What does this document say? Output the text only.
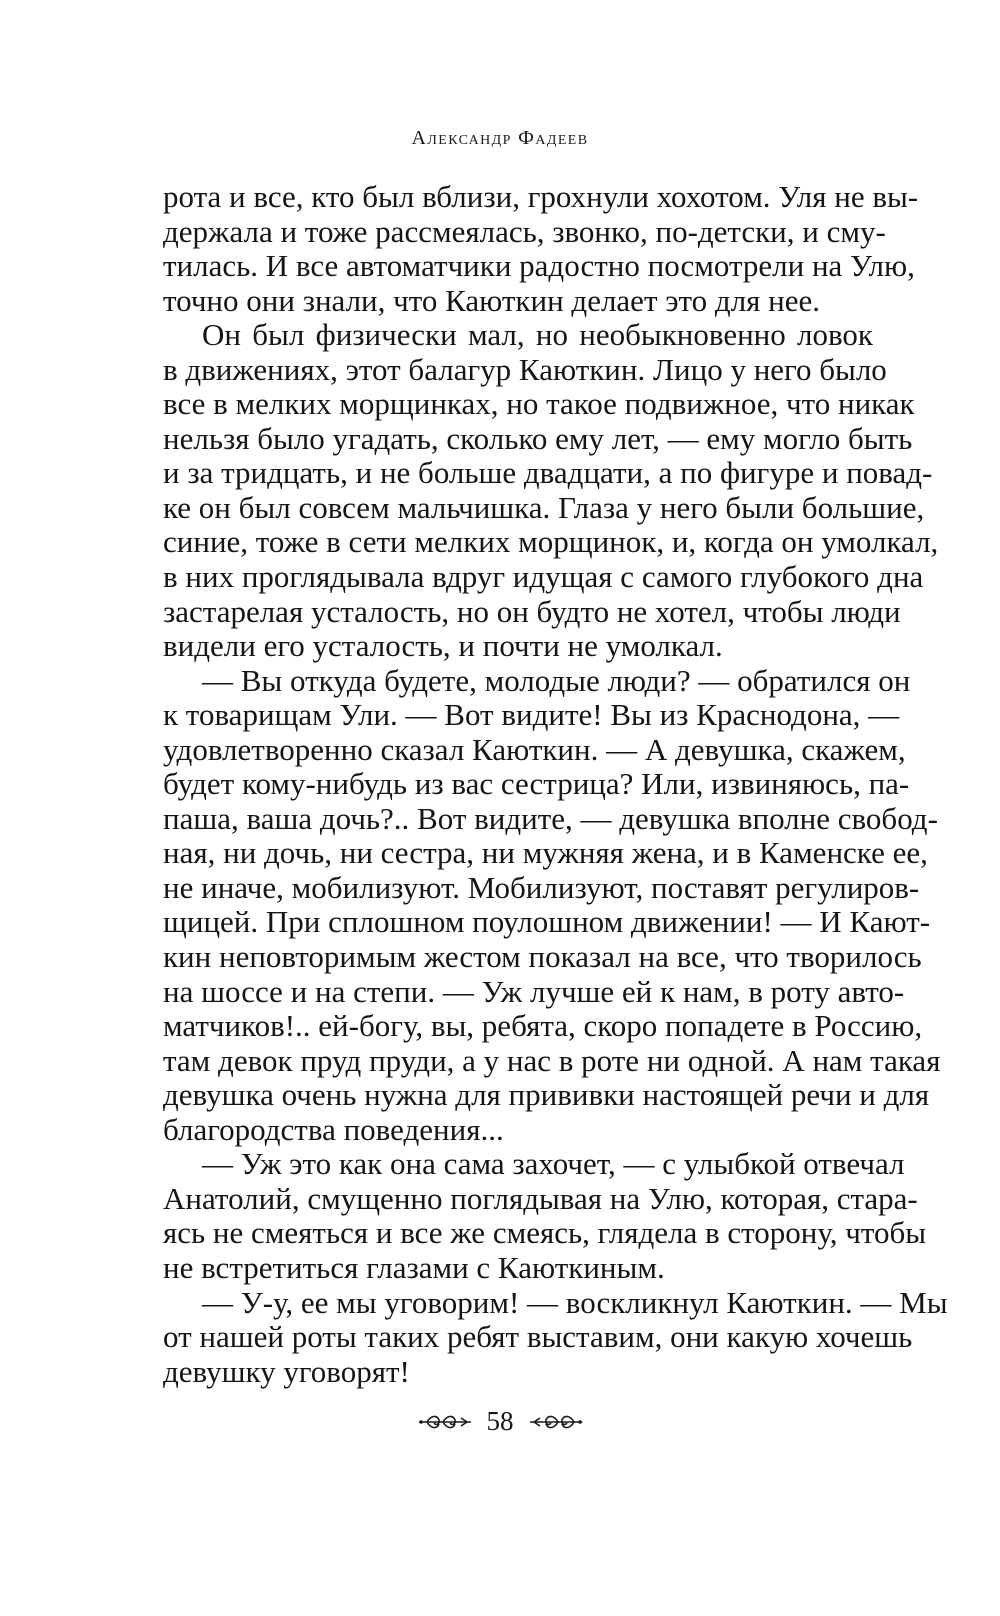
Александр Фадеев
рота и все, кто был вблизи, грохнули хохотом. Уля не вы-
держала и тоже рассмеялась, звонко, по-детски, и смy-
тилась. И все автоматчики радостно посмотрели на Улю,
точно они знали, что Каюткин делает это для нее.
Он был физически мал, но необыкновенно ловок
в движениях, этот балагур Каюткин. Лицо у него было
все в мелких морщинках, но такое подвижное, что никак
нельзя было угадать, сколько ему лет, — ему могло быть
и за тридцать, и не больше двадцати, а по фигуре и повад-
ке он был совсем мальчишка. Глаза у него были большие,
синие, тоже в сети мелких морщинок, и, когда он умолкал,
в них проглядывала вдруг идущая с самого глубокого дна
застарелая усталость, но он будто не хотел, чтобы люди
видели его усталость, и почти не умолкал.
— Вы откуда будете, молодые люди? — обратился он
к товарищам Ули. — Вот видите! Вы из Краснодона, —
удовлетворенно сказал Каюткин. — А девушка, скажем,
будет кому-нибудь из вас сестрица? Или, извиняюсь, па-
паша, ваша дочь?.. Вот видите, — девушка вполне свобод-
ная, ни дочь, ни сестра, ни мужняя жена, и в Каменске ее,
не иначе, мобилизуют. Мобилизуют, поставят регулиров-
щицей. При сплошном поулошном движении! — И Кают-
кин неповторимым жестом показал на все, что творилось
на шоссе и на степи. — Уж лучше ей к нам, в роту авто-
матчиков!.. ей-богу, вы, ребята, скоро попадете в Россию,
там девок пруд пруди, а у нас в роте ни одной. А нам такая
девушка очень нужна для прививки настоящей речи и для
благородства поведения...
— Уж это как она сама захочет, — с улыбкой отвечал
Анатолий, смущенно поглядывая на Улю, которая, стара-
ясь не смеяться и все же смеясь, глядела в сторону, чтобы
не встретиться глазами с Каюткиным.
— У-у, ее мы уговорим! — воскликнул Каюткин. — Мы
от нашей роты таких ребят выставим, они какую хочешь
девушку уговорят!
58
